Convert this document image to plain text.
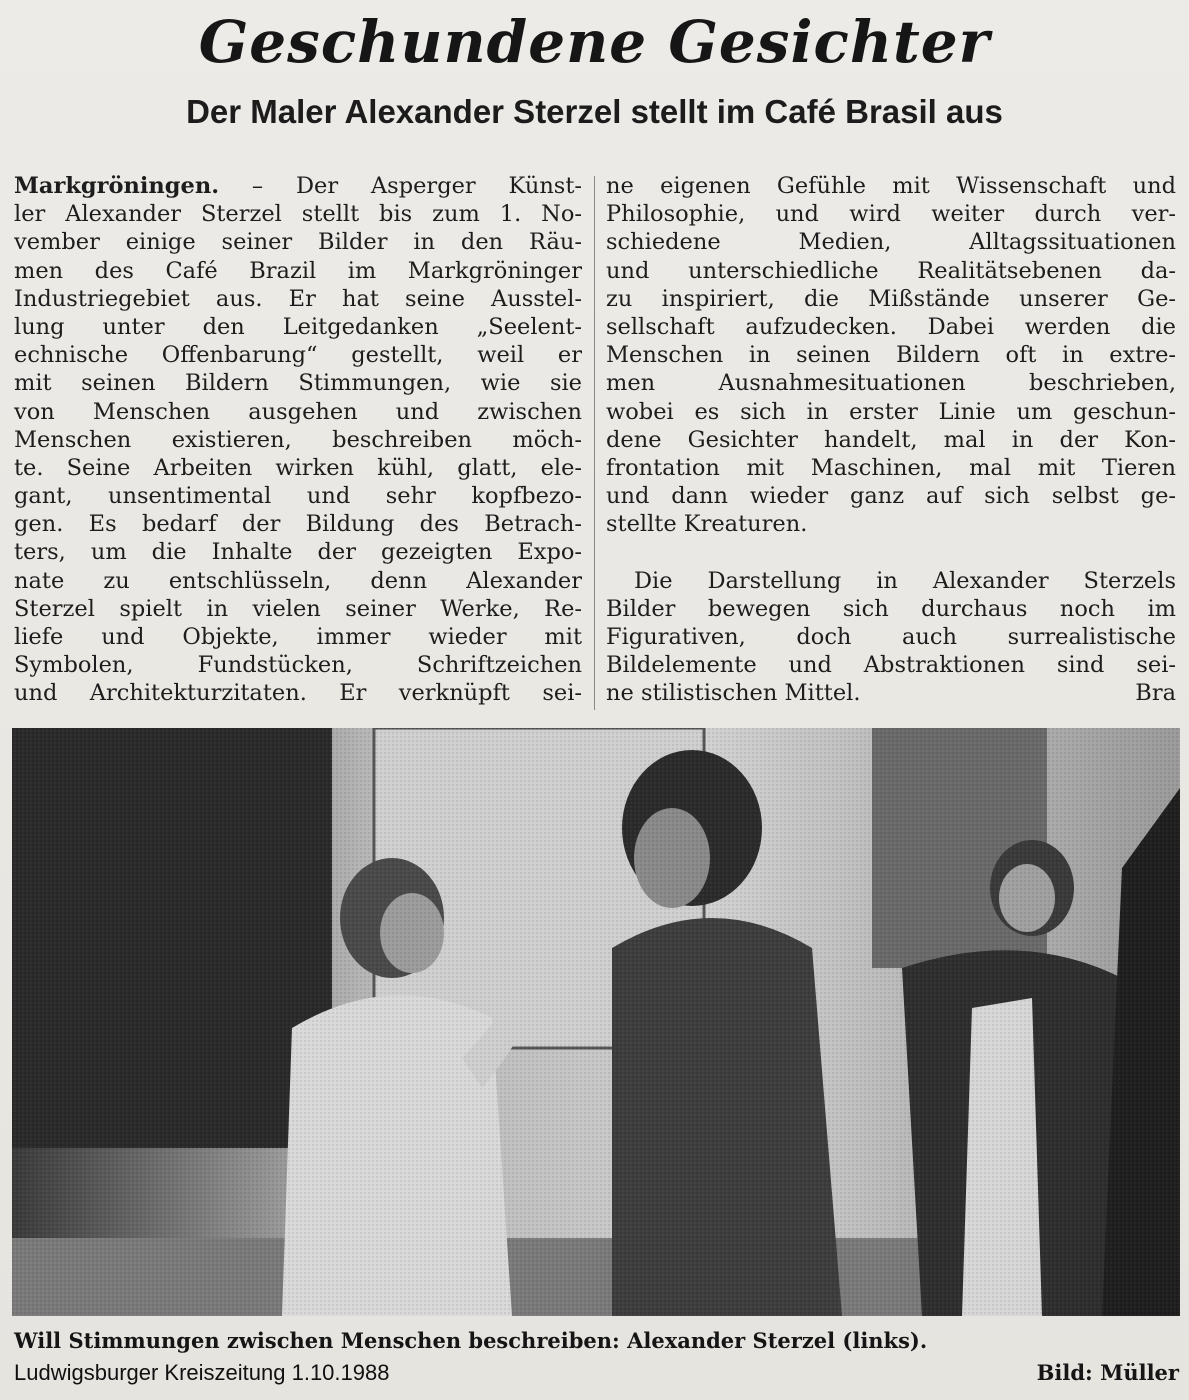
Geschundene Gesichter
Der Maler Alexander Sterzel stellt im Café Brasil aus
Markgröningen. – Der Asperger Künst-
ler Alexander Sterzel stellt bis zum 1. No-
vember einige seiner Bilder in den Räu-
men des Café Brazil im Markgröninger
Industriegebiet aus. Er hat seine Ausstel-
lung unter den Leitgedanken „Seelent-
echnische Offenbarung“ gestellt, weil er
mit seinen Bildern Stimmungen, wie sie
von Menschen ausgehen und zwischen
Menschen existieren, beschreiben möch-
te. Seine Arbeiten wirken kühl, glatt, ele-
gant, unsentimental und sehr kopfbezo-
gen. Es bedarf der Bildung des Betrach-
ters, um die Inhalte der gezeigten Expo-
nate zu entschlüsseln, denn Alexander
Sterzel spielt in vielen seiner Werke, Re-
liefe und Objekte, immer wieder mit
Symbolen, Fundstücken, Schriftzeichen
und Architekturzitaten. Er verknüpft sei-
ne eigenen Gefühle mit Wissenschaft und
Philosophie, und wird weiter durch ver-
schiedene Medien, Alltagssituationen
und unterschiedliche Realitätsebenen da-
zu inspiriert, die Mißstände unserer Ge-
sellschaft aufzudecken. Dabei werden die
Menschen in seinen Bildern oft in extre-
men Ausnahmesituationen beschrieben,
wobei es sich in erster Linie um geschun-
dene Gesichter handelt, mal in der Kon-
frontation mit Maschinen, mal mit Tieren
und dann wieder ganz auf sich selbst ge-
stellte Kreaturen.
Die Darstellung in Alexander Sterzels
Bilder bewegen sich durchaus noch im
Figurativen, doch auch surrealistische
Bildelemente und Abstraktionen sind sei-
ne stilistischen Mittel.	Bra
Will Stimmungen zwischen Menschen beschreiben: Alexander Sterzel (links).
Ludwigsburger Kreiszeitung 1.10.1988	Bild: Müller
